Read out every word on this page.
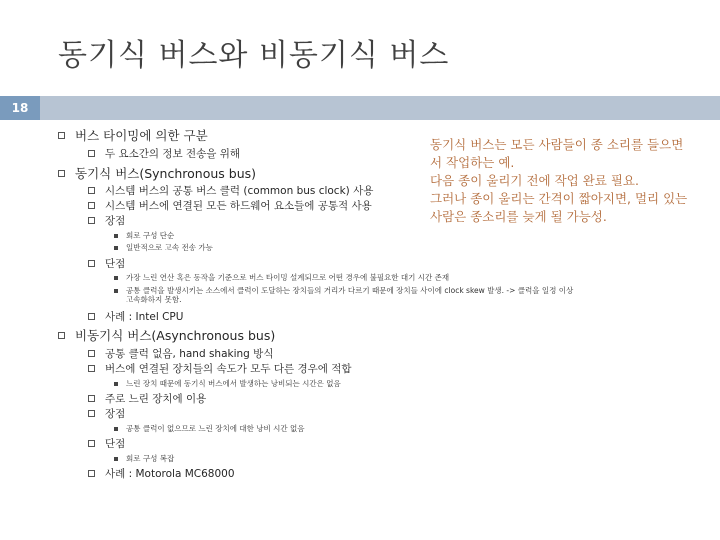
동기식 버스와 비동기식 버스
18
동기식 버스는 모든 사람들이 종 소리를 들으면서 작업하는 예.
다음 종이 울리기 전에 작업 완료 필요.
그러나 종이 울리는 간격이 짧아지면, 멀리 있는 사람은 종소리를 늦게 될 가능성.
버스 타이밍에 의한 구분
두 요소간의 정보 전송을 위해
동기식 버스(Synchronous bus)
시스템 버스의 공통 버스 클럭 (common bus clock) 사용
시스템 버스에 연결된 모든 하드웨어 요소들에 공통적 사용
장점
회로 구성 단순
일반적으로 고속 전송 가능
단점
가장 느린 연산 혹은 동작을 기준으로 버스 타이밍 설계되므로 어떤 경우에 불필요한 대기 시간 존재
공통 클럭을 발생시키는 소스에서 클럭이 도달하는 장치들의 거리가 다르기 때문에 장치들 사이에 clock skew 발생. -> 클럭을 일정 이상
고속화하지 못함.
사례 : Intel CPU
비동기식 버스(Asynchronous bus)
공통 클럭 없음, hand shaking 방식
버스에 연결된 장치들의 속도가 모두 다른 경우에 적합
느린 장치 때문에 동기식 버스에서 발생하는 낭비되는 시간은 없음
주로 느린 장치에 이용
장점
공통 클럭이 없으므로 느린 장치에 대한 낭비 시간 없음
단점
회로 구성 복잡
사례 : Motorola MC68000
